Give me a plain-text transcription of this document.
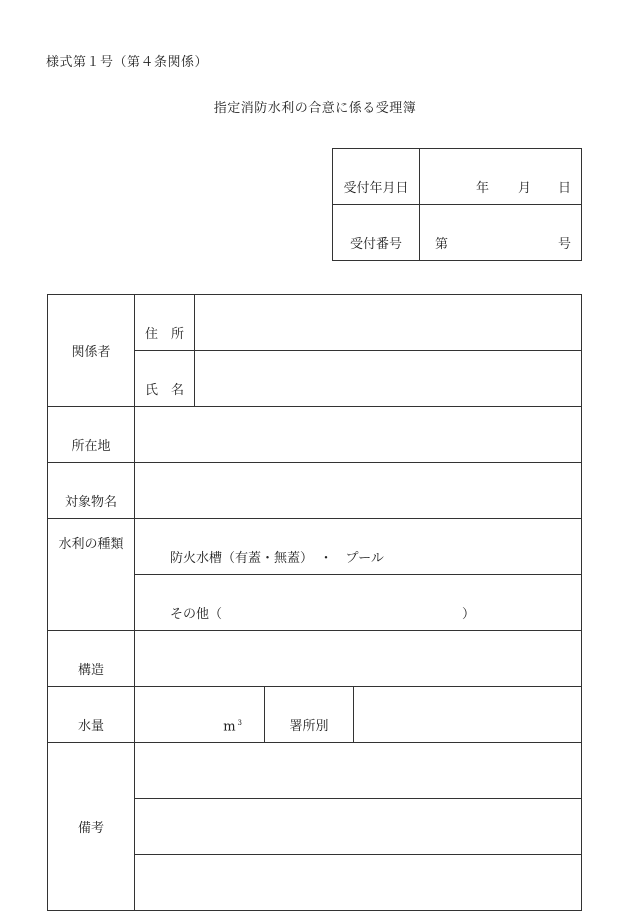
様式第１号（第４条関係）
指定消防水利の合意に係る受理簿
受付年月日	年 月 日

受付番号	第 号
関係者	住　所			
	氏　名			
所在地				
対象物名				

水利の種類	防火水槽（有蓋・無蓋）　・　プール			
	その他（ ）			
構造				
水量	m $^3$		署所別	
備考				
